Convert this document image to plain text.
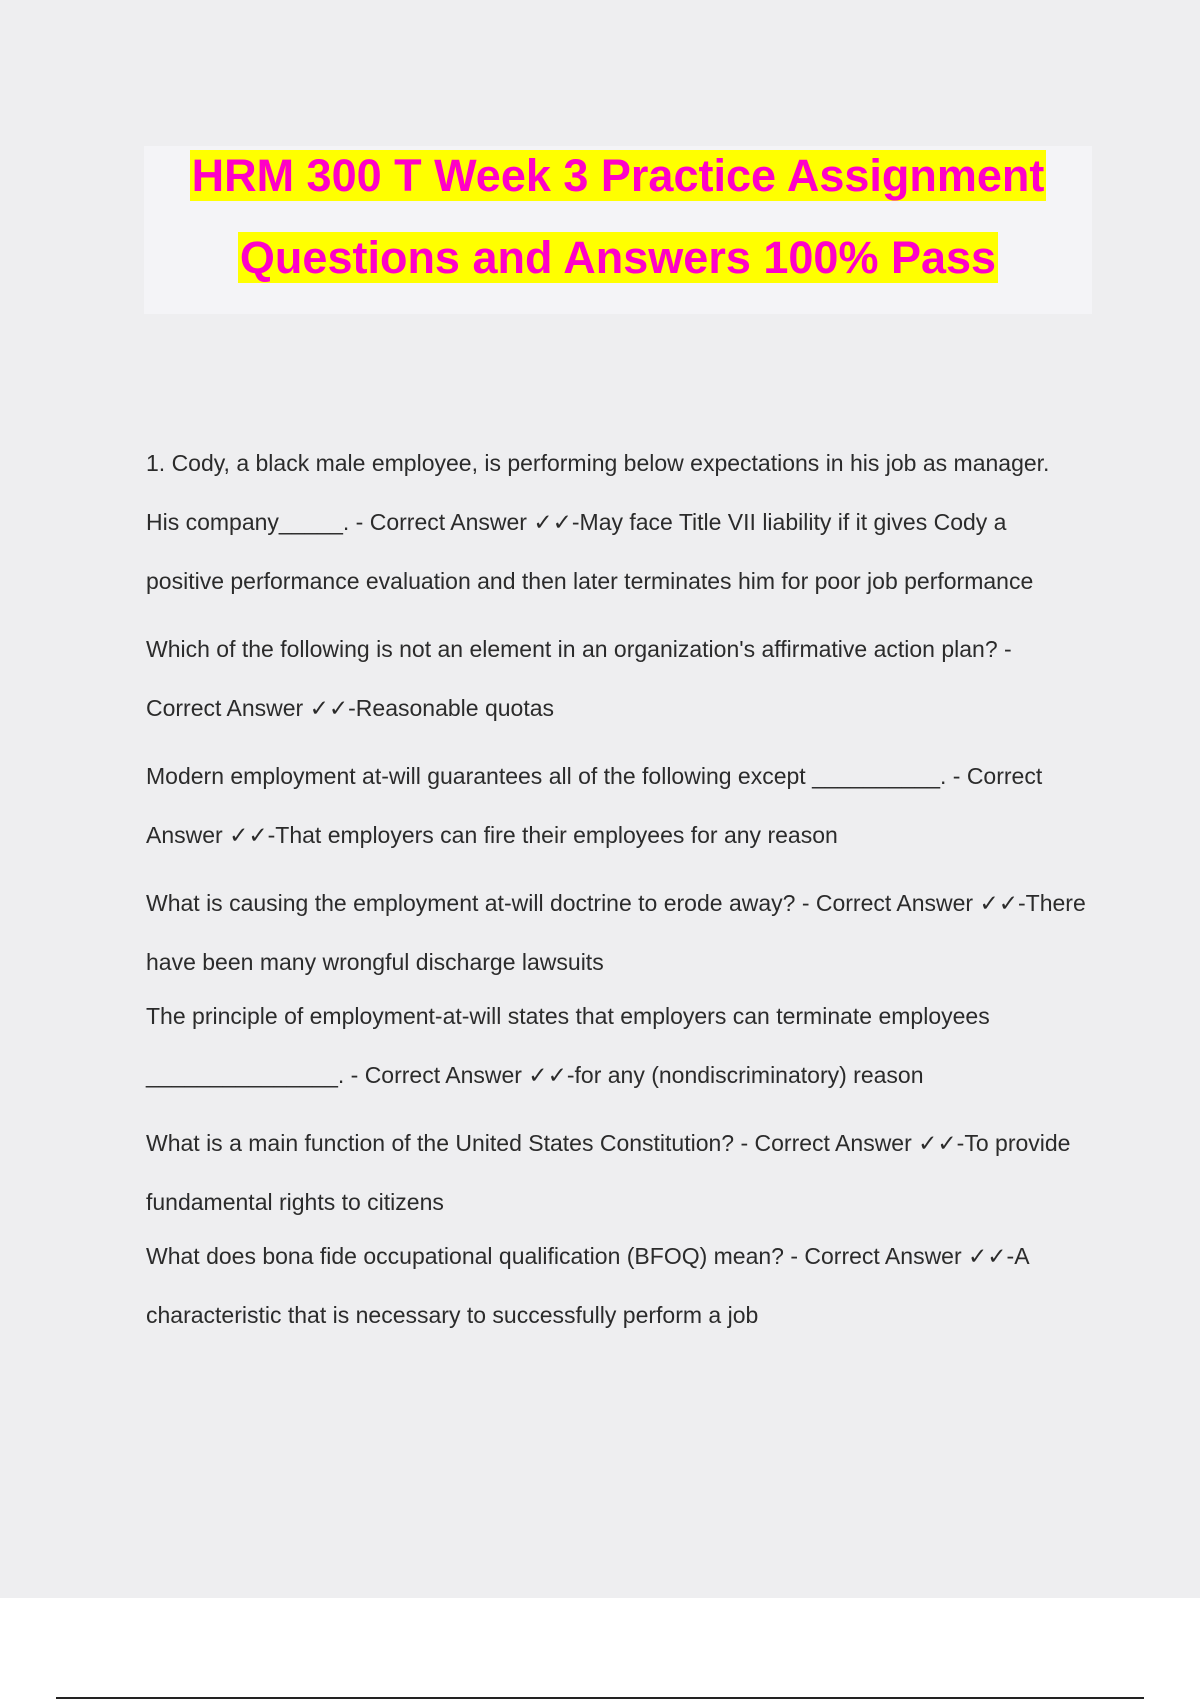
HRM 300 T Week 3 Practice Assignment
Questions and Answers 100% Pass

1. Cody, a black male employee, is performing below expectations in his job as manager. His company_____. - Correct Answer ✓✓-May face Title VII liability if it gives Cody a positive performance evaluation and then later terminates him for poor job performance

Which of the following is not an element in an organization's affirmative action plan? - Correct Answer ✓✓-Reasonable quotas

Modern employment at-will guarantees all of the following except __________. - Correct Answer ✓✓-That employers can fire their employees for any reason

What is causing the employment at-will doctrine to erode away? - Correct Answer ✓✓-There have been many wrongful discharge lawsuits

The principle of employment-at-will states that employers can terminate employees _______________. - Correct Answer ✓✓-for any (nondiscriminatory) reason

What is a main function of the United States Constitution? - Correct Answer ✓✓-To provide fundamental rights to citizens

What does bona fide occupational qualification (BFOQ) mean? - Correct Answer ✓✓-A characteristic that is necessary to successfully perform a job
